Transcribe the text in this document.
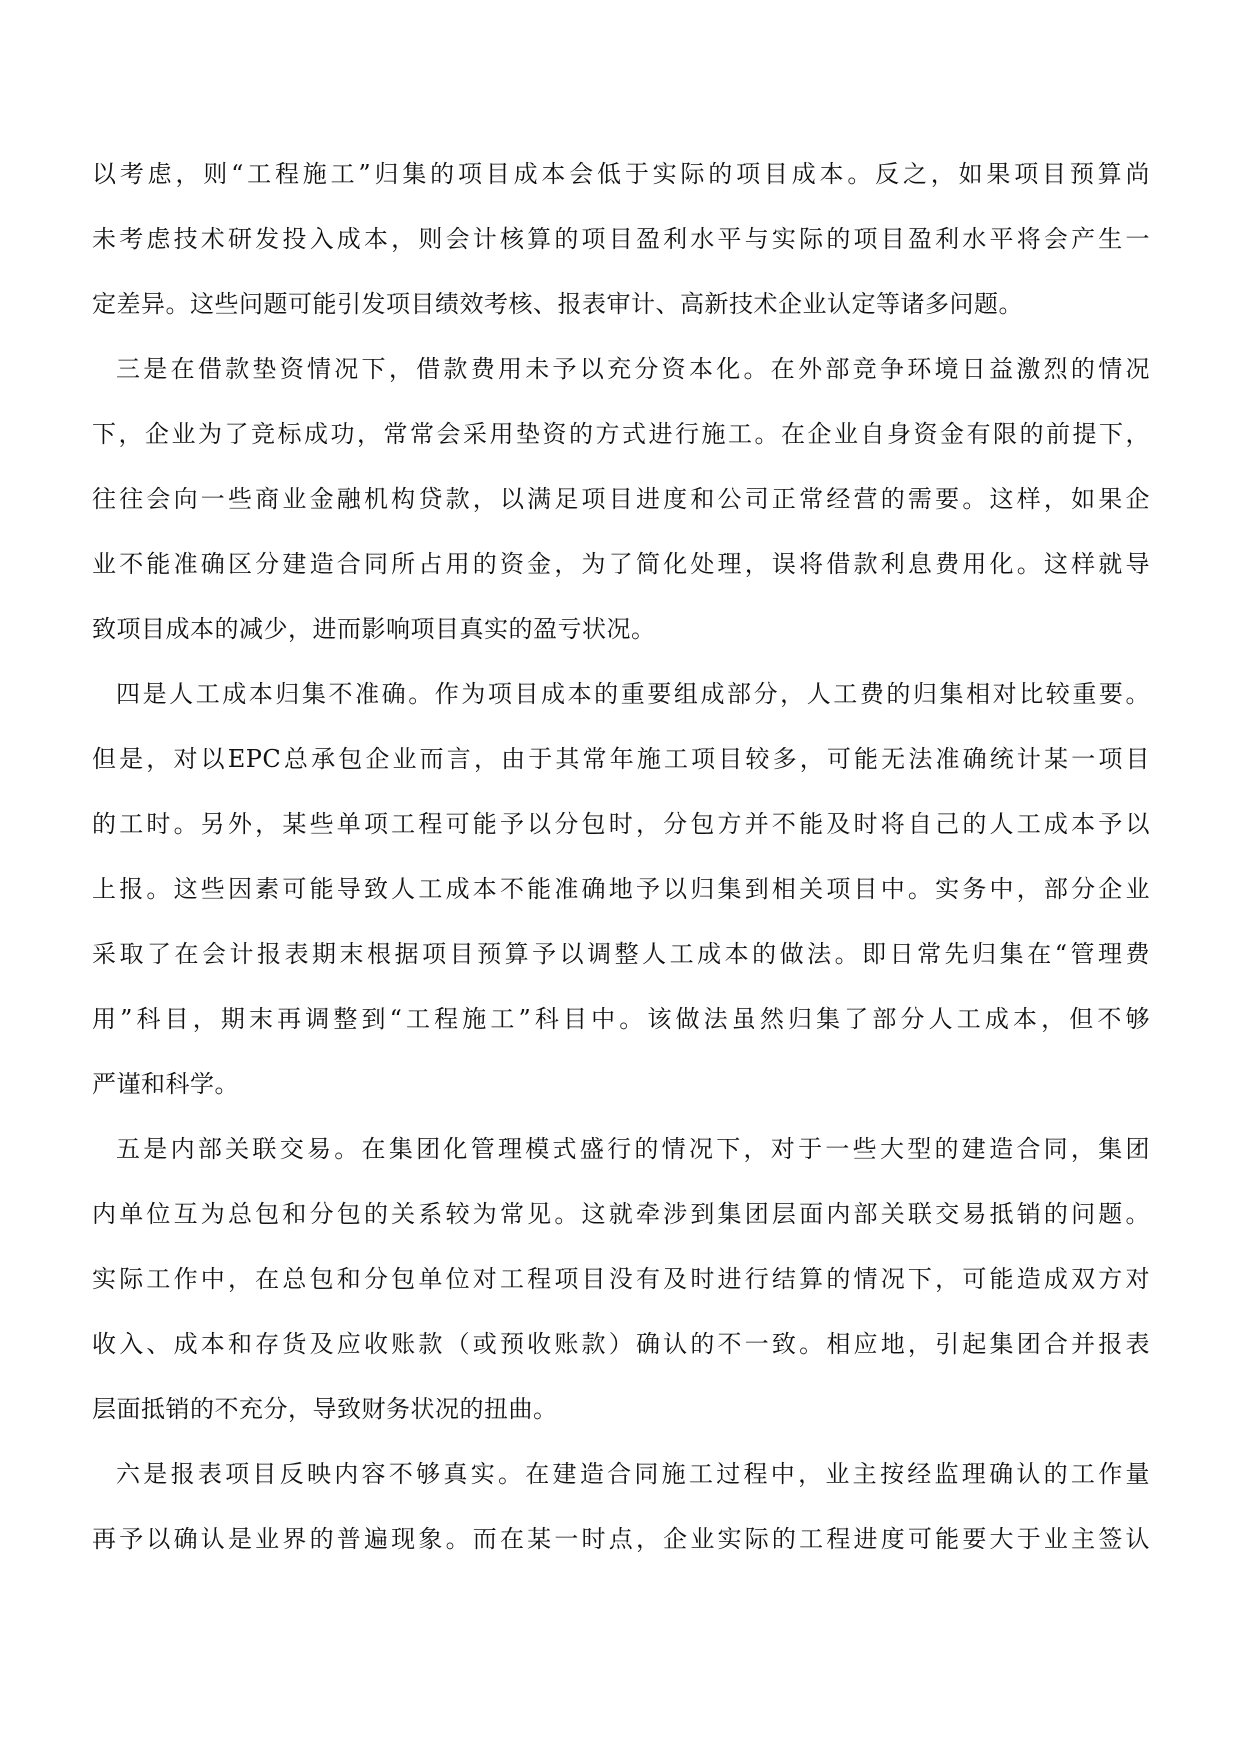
以考虑，则“工程施工”归集的项目成本会低于实际的项目成本。反之，如果项目预算尚
未考虑技术研发投入成本，则会计核算的项目盈利水平与实际的项目盈利水平将会产生一
定差异。这些问题可能引发项目绩效考核、报表审计、高新技术企业认定等诸多问题。
三是在借款垫资情况下，借款费用未予以充分资本化。在外部竞争环境日益激烈的情况
下，企业为了竞标成功，常常会采用垫资的方式进行施工。在企业自身资金有限的前提下，
往往会向一些商业金融机构贷款，以满足项目进度和公司正常经营的需要。这样，如果企
业不能准确区分建造合同所占用的资金，为了简化处理，误将借款利息费用化。这样就导
致项目成本的减少，进而影响项目真实的盈亏状况。
四是人工成本归集不准确。作为项目成本的重要组成部分，人工费的归集相对比较重要。
但是，对以EPC总承包企业而言，由于其常年施工项目较多，可能无法准确统计某一项目
的工时。另外，某些单项工程可能予以分包时，分包方并不能及时将自己的人工成本予以
上报。这些因素可能导致人工成本不能准确地予以归集到相关项目中。实务中，部分企业
采取了在会计报表期末根据项目预算予以调整人工成本的做法。即日常先归集在“管理费
用”科目，期末再调整到“工程施工”科目中。该做法虽然归集了部分人工成本，但不够
严谨和科学。
五是内部关联交易。在集团化管理模式盛行的情况下，对于一些大型的建造合同，集团
内单位互为总包和分包的关系较为常见。这就牵涉到集团层面内部关联交易抵销的问题。
实际工作中，在总包和分包单位对工程项目没有及时进行结算的情况下，可能造成双方对
收入、成本和存货及应收账款（或预收账款）确认的不一致。相应地，引起集团合并报表
层面抵销的不充分，导致财务状况的扭曲。
六是报表项目反映内容不够真实。在建造合同施工过程中，业主按经监理确认的工作量
再予以确认是业界的普遍现象。而在某一时点，企业实际的工程进度可能要大于业主签认
